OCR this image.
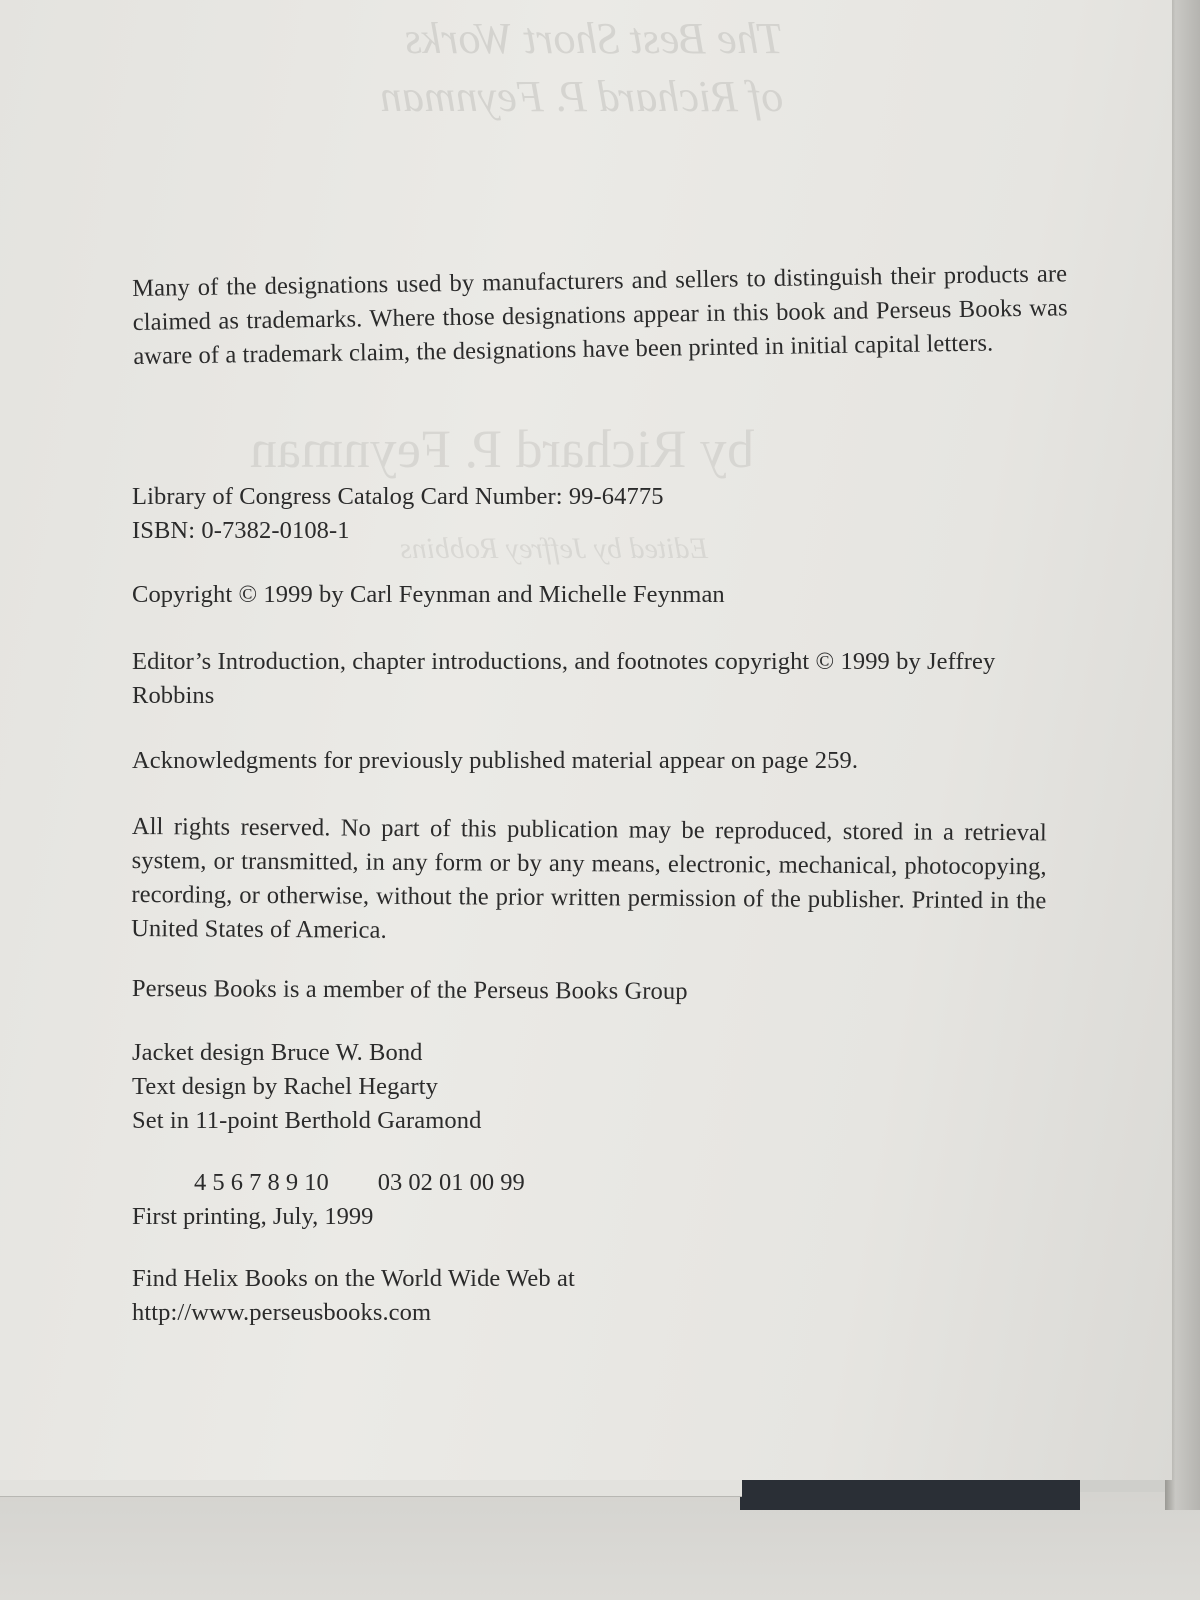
The Best Short Works
of Richard P. Feynman
by Richard P. Feynman
Edited by Jeffrey Robbins

Many of the designations used by manufacturers and sellers to distinguish their products are claimed as trademarks. Where those designations appear in this book and Perseus Books was aware of a trademark claim, the designations have been printed in initial capital letters.

Library of Congress Catalog Card Number: 99-64775
ISBN: 0-7382-0108-1

Copyright © 1999 by Carl Feynman and Michelle Feynman

Editor’s Introduction, chapter introductions, and footnotes copyright © 1999 by Jeffrey Robbins

Acknowledgments for previously published material appear on page 259.

All rights reserved. No part of this publication may be reproduced, stored in a retrieval system, or transmitted, in any form or by any means, electronic, mechanical, photocopying, recording, or otherwise, without the prior written permission of the publisher. Printed in the United States of America.

Perseus Books is a member of the Perseus Books Group

Jacket design Bruce W. Bond
Text design by Rachel Hegarty
Set in 11-point Berthold Garamond
4 5 6 7 8 9 10        03 02 01 00 99
First printing, July, 1999
Find Helix Books on the World Wide Web at
http://www.perseusbooks.com
